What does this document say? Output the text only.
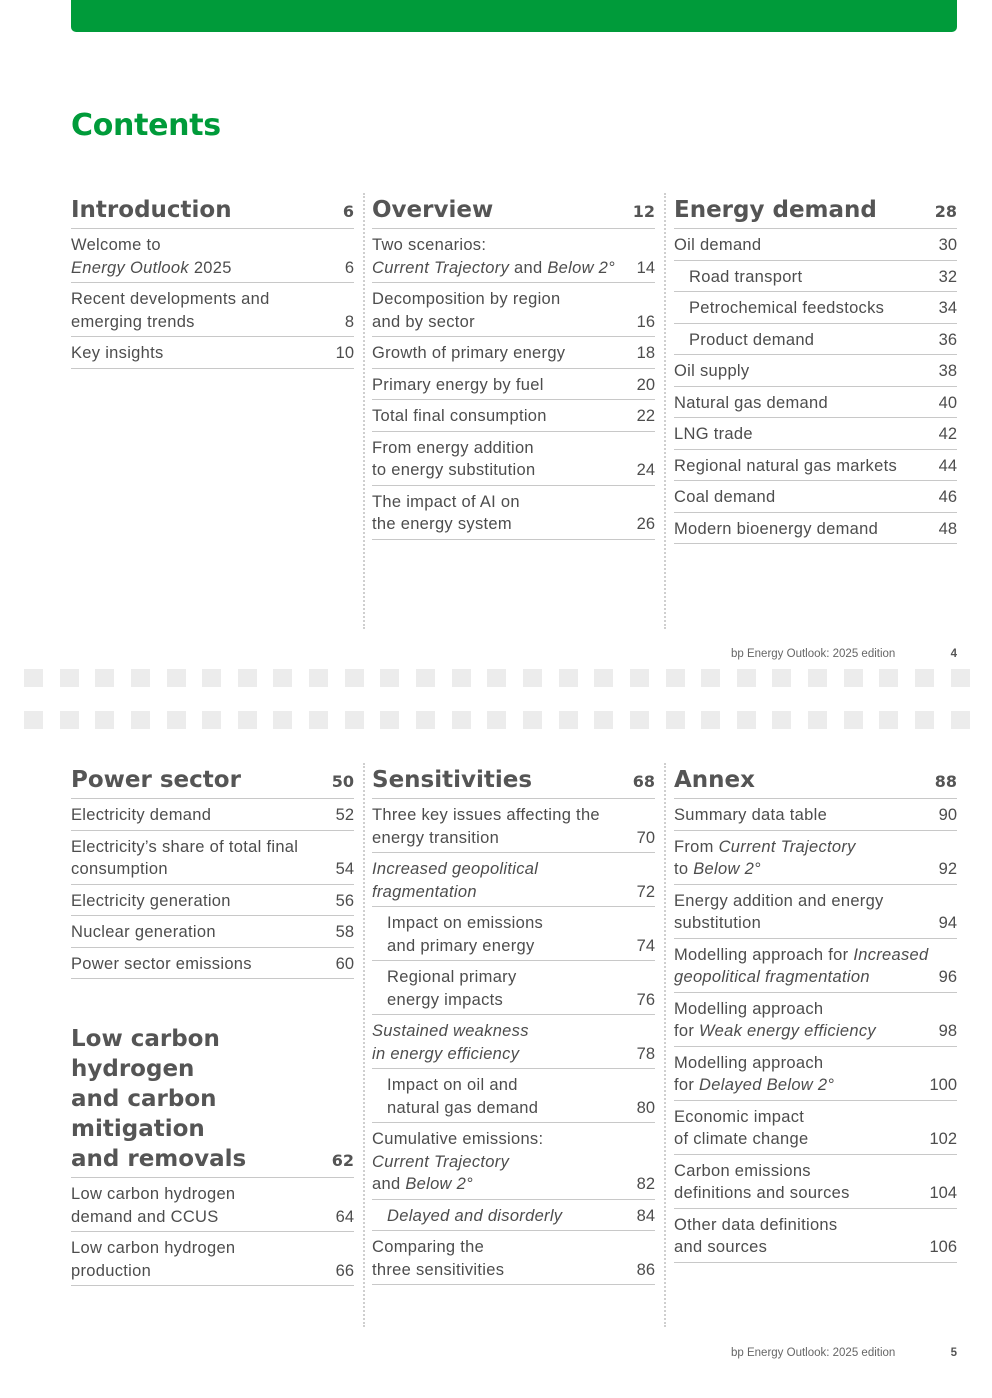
Contents
Introduction	6
Welcome to
Energy Outlook 2025	6
Recent developments and
emerging trends	8
Key insights	10
Overview	12
Two scenarios:
Current Trajectory and Below 2° 14
Decomposition by region
and by sector	16
Growth of primary energy	18
Primary energy by fuel	20
Total final consumption	22
From energy addition
to energy substitution	24
The impact of AI on
the energy system	26
Energy demand	28
Oil demand	30
Road transport	32
Petrochemical feedstocks	34
Product demand	36
Oil supply	38
Natural gas demand	40
LNG trade	42
Regional natural gas markets	44
Coal demand	46
Modern bioenergy demand	48
bp Energy Outlook: 2025 edition	4
Power sector	50
Electricity demand	52
Electricity’s share of total final
consumption	54
Electricity generation	56
Nuclear generation	58
Power sector emissions	60
Low carbon hydrogen
and carbon mitigation
and removals	62
Low carbon hydrogen
demand and CCUS	64
Low carbon hydrogen
production	66
Sensitivities	68
Three key issues affecting the
energy transition	70
Increased geopolitical
fragmentation	72
Impact on emissions
and primary energy	74
Regional primary
energy impacts	76
Sustained weakness
in energy efficiency	78
Impact on oil and
natural gas demand	80
Cumulative emissions:
Current Trajectory
and Below 2°	82
Delayed and disorderly	84
Comparing the
three sensitivities	86
Annex	88
Summary data table	90
From Current Trajectory
to Below 2°	92
Energy addition and energy
substitution	94
Modelling approach for Increased
geopolitical fragmentation	96
Modelling approach
for Weak energy efficiency	98
Modelling approach
for Delayed Below 2°	100
Economic impact
of climate change	102
Carbon emissions
definitions and sources	104
Other data definitions
and sources	106
bp Energy Outlook: 2025 edition	5
